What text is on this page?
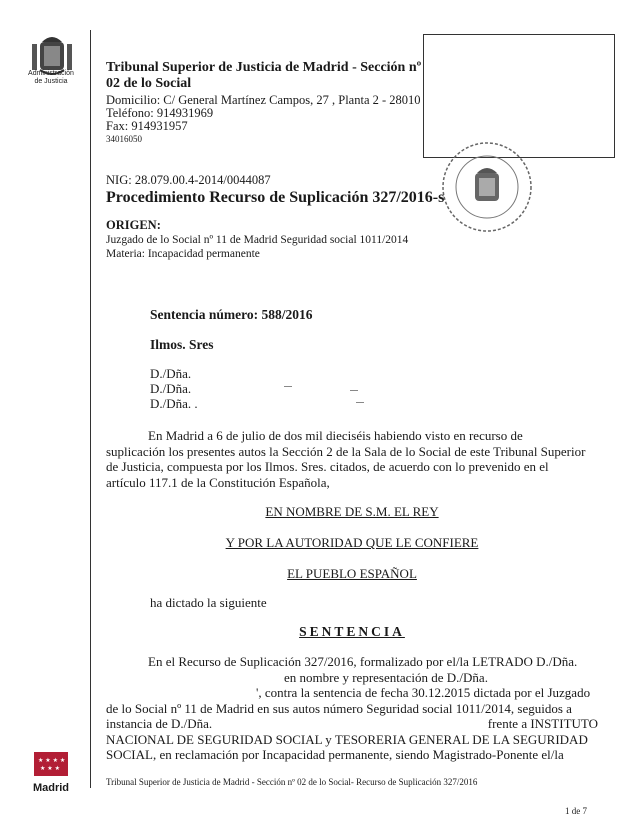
Administración
de Justicia
Tribunal Superior de Justicia de Madrid - Sección nº 02 de lo Social
Domicilio: C/ General Martínez Campos, 27 , Planta 2 - 28010
Teléfono: 914931969
Fax: 914931957
34016050
NIG: 28.079.00.4-2014/0044087
Procedimiento Recurso de Suplicación 327/2016-s
ORIGEN:
Juzgado de lo Social nº 11 de Madrid Seguridad social 1011/2014
Materia: Incapacidad permanente
Sentencia número: 588/2016
Ilmos. Sres
D./Dña.
D./Dña.
D./Dña. .
En Madrid a 6 de julio de dos mil dieciséis habiendo visto en recurso de
suplicación los presentes autos la Sección 2 de la Sala de lo Social de este Tribunal Superior
de Justicia, compuesta por los Ilmos. Sres. citados, de acuerdo con lo prevenido en el
artículo 117.1 de la Constitución Española,
EN NOMBRE DE S.M. EL REY
Y POR LA AUTORIDAD QUE LE CONFIERE
EL PUEBLO ESPAÑOL
ha dictado la siguiente
SENTENCIA
En el Recurso de Suplicación 327/2016, formalizado por el/la LETRADO D./Dña.
en nombre y representación de D./Dña.
', contra la sentencia de fecha 30.12.2015 dictada por el Juzgado
de lo Social nº 11 de Madrid en sus autos número Seguridad social 1011/2014, seguidos a
instancia de D./Dña.	frente a INSTITUTO
NACIONAL DE SEGURIDAD SOCIAL y TESORERIA GENERAL DE LA SEGURIDAD
SOCIAL, en reclamación por Incapacidad permanente, siendo Magistrado-Ponente el/la
★ ★ ★ ★
★ ★ ★
Madrid	Tribunal Superior de Justicia de Madrid - Sección nº 02 de lo Social- Recurso de Suplicación 327/2016
1 de 7
